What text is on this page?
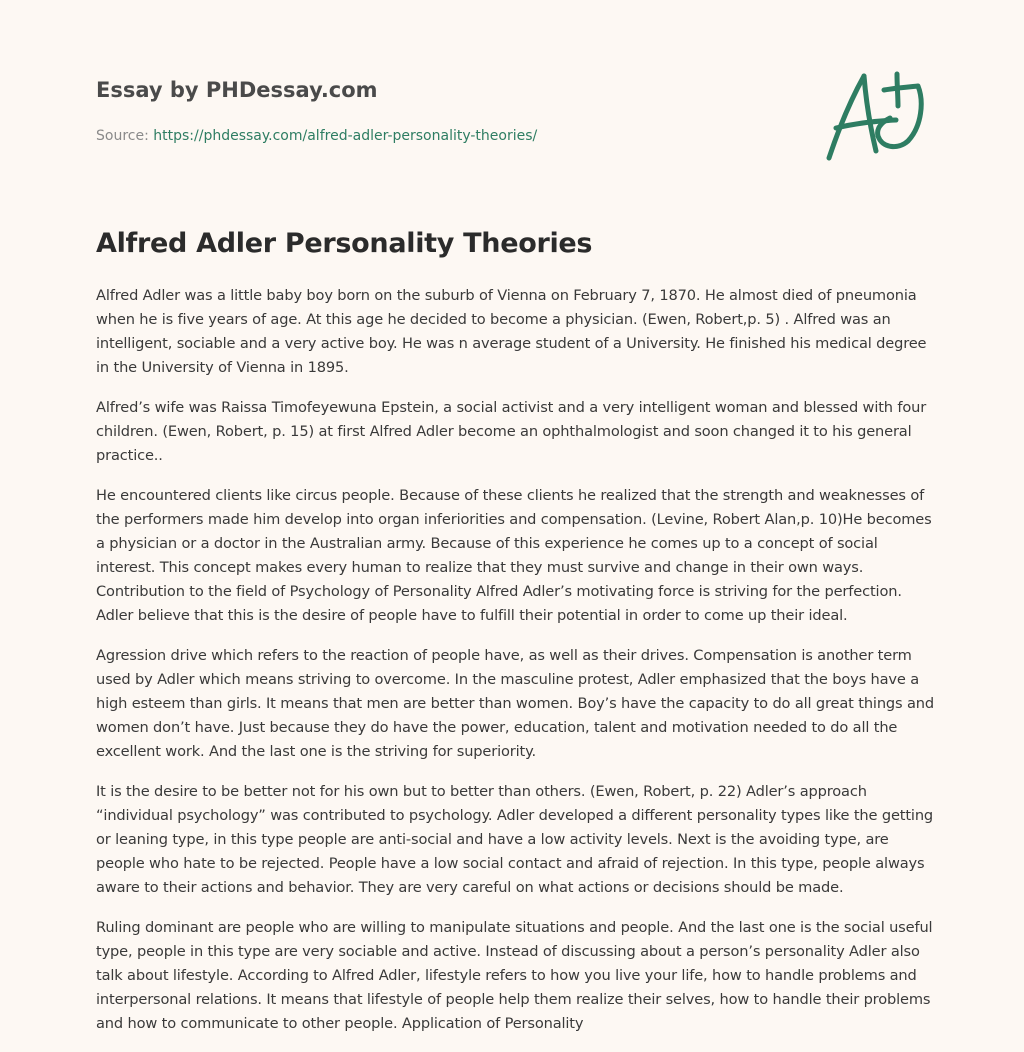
Essay by PHDessay.com
Source: https://phdessay.com/alfred-adler-personality-theories/
Alfred Adler Personality Theories

Alfred Adler was a little baby boy born on the suburb of Vienna on February 7, 1870. He almost died of pneumonia when he is five years of age. At this age he decided to become a physician. (Ewen, Robert,p. 5) . Alfred was an intelligent, sociable and a very active boy. He was n average student of a University. He finished his medical degree in the University of Vienna in 1895.

Alfred’s wife was Raissa Timofeyewuna Epstein, a social activist and a very intelligent woman and blessed with four children. (Ewen, Robert, p. 15) at first Alfred Adler become an ophthalmologist and soon changed it to his general practice..

He encountered clients like circus people. Because of these clients he realized that the strength and weaknesses of the performers made him develop into organ inferiorities and compensation. (Levine, Robert Alan,p. 10)He becomes a physician or a doctor in the Australian army. Because of this experience he comes up to a concept of social interest. This concept makes every human to realize that they must survive and change in their own ways. Contribution to the field of Psychology of Personality Alfred Adler’s motivating force is striving for the perfection. Adler believe that this is the desire of people have to fulfill their potential in order to come up their ideal.

Agression drive which refers to the reaction of people have, as well as their drives. Compensation is another term used by Adler which means striving to overcome. In the masculine protest, Adler emphasized that the boys have a high esteem than girls. It means that men are better than women. Boy’s have the capacity to do all great things and women don’t have. Just because they do have the power, education, talent and motivation needed to do all the excellent work. And the last one is the striving for superiority.

It is the desire to be better not for his own but to better than others. (Ewen, Robert, p. 22) Adler’s approach “individual psychology” was contributed to psychology. Adler developed a different personality types like the getting or leaning type, in this type people are anti-social and have a low activity levels. Next is the avoiding type, are people who hate to be rejected. People have a low social contact and afraid of rejection. In this type, people always aware to their actions and behavior. They are very careful on what actions or decisions should be made.

Ruling dominant are people who are willing to manipulate situations and people. And the last one is the social useful type, people in this type are very sociable and active. Instead of discussing about a person’s personality Adler also talk about lifestyle. According to Alfred Adler, lifestyle refers to how you live your life, how to handle problems and interpersonal relations. It means that lifestyle of people help them realize their selves, how to handle their problems and how to communicate to other people. Application of Personality
